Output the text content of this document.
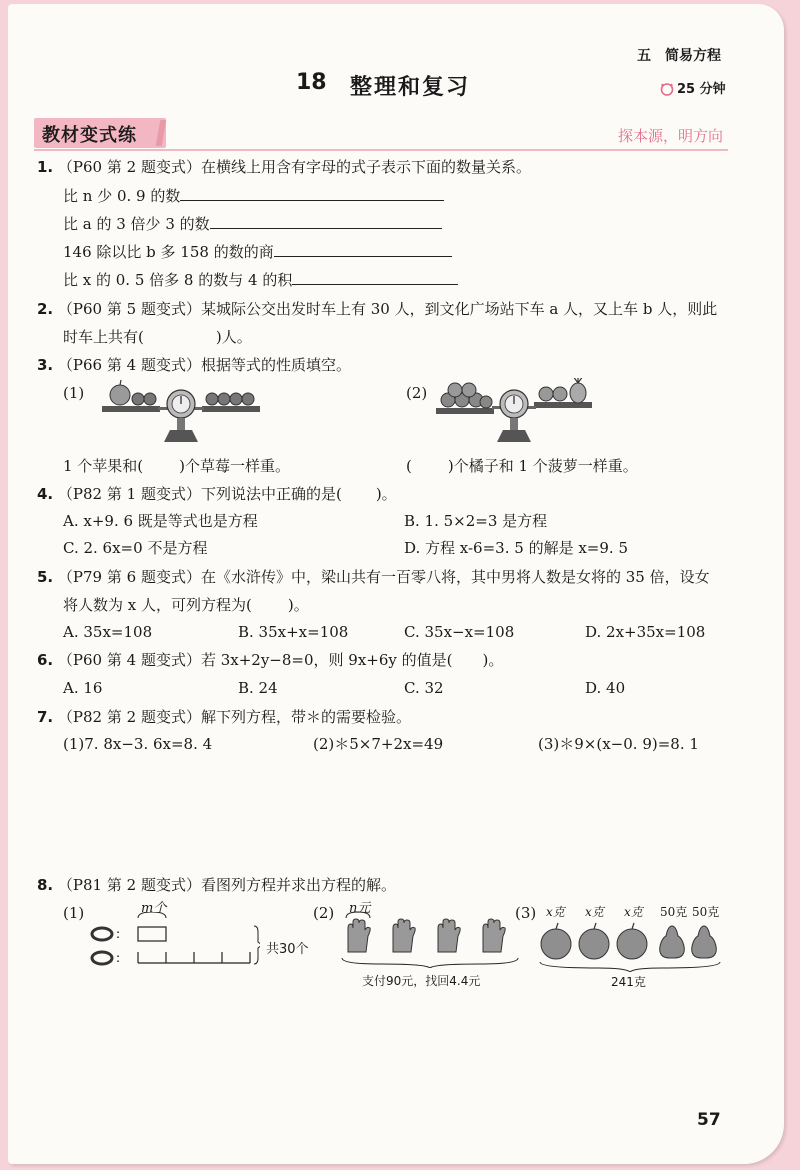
五　简易方程
18 整理和复习	25 分钟
教材变式练	探本源，明方向
1. （P60 第 2 题变式）在横线上用含有字母的式子表示下面的数量关系。
比 n 少 0. 9 的数
比 a 的 3 倍少 3 的数
146 除以比 b 多 158 的数的商
比 x 的 0. 5 倍多 8 的数与 4 的积
2. （P60 第 5 题变式）某城际公交出发时车上有 30 人，到文化广场站下车 a 人，又上车 b 人，则此
时车上共有(	)人。
3. （P66 第 4 题变式）根据等式的性质填空。
(1)	(2)
1 个苹果和( )个草莓一样重。	( )个橘子和 1 个菠萝一样重。
4. （P82 第 1 题变式）下列说法中正确的是( )。
A. x+9. 6 既是等式也是方程	B. 1. 5×2=3 是方程
C. 2. 6x=0 不是方程	D. 方程 x-6=3. 5 的解是 x=9. 5
5. （P79 第 6 题变式）在《水浒传》中，梁山共有一百零八将，其中男将人数是女将的 35 倍，设女
将人数为 x 人，可列方程为( )。
A. 35x=108	B. 35x+x=108	C. 35x−x=108	D. 2x+35x=108
6. （P60 第 4 题变式）若 3x+2y−8=0，则 9x+6y 的值是( )。
A. 16	B. 24	C. 32	D. 40
7. （P82 第 2 题变式）解下列方程，带＊的需要检验。
(1)7. 8x−3. 6x=8. 4	(2)＊5×7+2x=49	(3)＊9×(x−0. 9)=8. 1
8. （P81 第 2 题变式）看图列方程并求出方程的解。
(1)	m个
:
:
共30个
(2) n元
支付90元，找回4.4元
(3) x克 x克 x克 50克 50克
241克
57
